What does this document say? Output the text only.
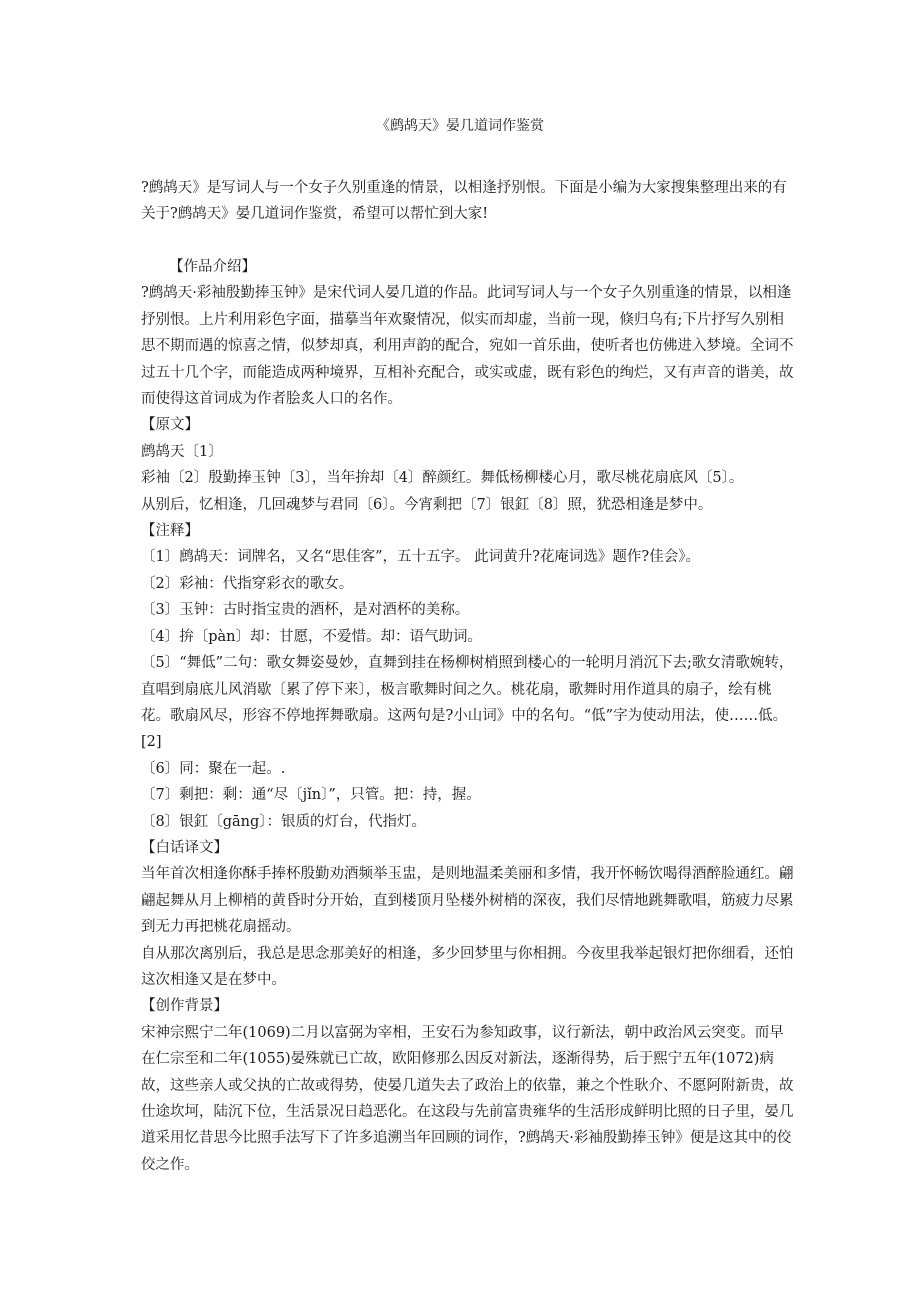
《鹧鸪天》晏几道词作鉴赏

?鹧鸪天》是写词人与一个女子久别重逢的情景，以相逢抒别恨。下面是小编为大家搜集整理出来的有关于?鹧鸪天》晏几道词作鉴赏，希望可以帮忙到大家!

【作品介绍】

?鹧鸪天·彩袖殷勤捧玉钟》是宋代词人晏几道的作品。此词写词人与一个女子久别重逢的情景，以相逢抒别恨。上片利用彩色字面，描摹当年欢聚情况，似实而却虚，当前一现，倏归乌有;下片抒写久别相思不期而遇的惊喜之情，似梦却真，利用声韵的配合，宛如一首乐曲，使听者也仿佛进入梦境。全词不过五十几个字，而能造成两种境界，互相补充配合，或实或虚，既有彩色的绚烂，又有声音的谐美，故而使得这首词成为作者脍炙人口的名作。

【原文】

鹧鸪天〔1〕

彩袖〔2〕殷勤捧玉钟〔3〕，当年拚却〔4〕醉颜红。舞低杨柳楼心月，歌尽桃花扇底风〔5〕。

从别后，忆相逢，几回魂梦与君同〔6〕。今宵剩把〔7〕银釭〔8〕照，犹恐相逢是梦中。

【注释】

〔1〕鹧鸪天：词牌名，又名“思佳客”，五十五字。 此词黄升?花庵词选》题作?佳会》。

〔2〕彩袖：代指穿彩衣的歌女。

〔3〕玉钟：古时指宝贵的酒杯，是对酒杯的美称。

〔4〕拚〔pàn〕却：甘愿，不爱惜。却：语气助词。

〔5〕“舞低”二句：歌女舞姿曼妙，直舞到挂在杨柳树梢照到楼心的一轮明月消沉下去;歌女清歌婉转，直唱到扇底儿风消歇〔累了停下来〕，极言歌舞时间之久。桃花扇，歌舞时用作道具的扇子，绘有桃花。歌扇风尽，形容不停地挥舞歌扇。这两句是?小山词》中的名句。“低”字为使动用法，使……低。[2]

〔6〕同：聚在一起。.

〔7〕剩把：剩：通“尽〔jǐn〕”，只管。把：持，握。

〔8〕银釭〔gāng〕：银质的灯台，代指灯。

【白话译文】

当年首次相逢你酥手捧杯殷勤劝酒频举玉盅，是则地温柔美丽和多情，我开怀畅饮喝得酒醉脸通红。翩翩起舞从月上柳梢的黄昏时分开始，直到楼顶月坠楼外树梢的深夜，我们尽情地跳舞歌唱，筋疲力尽累到无力再把桃花扇摇动。

自从那次离别后，我总是思念那美好的相逢，多少回梦里与你相拥。今夜里我举起银灯把你细看，还怕这次相逢又是在梦中。

【创作背景】

宋神宗熙宁二年(1069)二月以富弼为宰相，王安石为参知政事，议行新法，朝中政治风云突变。而早在仁宗至和二年(1055)晏殊就已亡故，欧阳修那么因反对新法，逐渐得势，后于熙宁五年(1072)病故，这些亲人或父执的亡故或得势，使晏几道失去了政治上的依靠，兼之个性耿介、不愿阿附新贵，故仕途坎坷，陆沉下位，生活景况日趋恶化。在这段与先前富贵雍华的生活形成鲜明比照的日子里，晏几道采用忆昔思今比照手法写下了许多追溯当年回顾的词作，?鹧鸪天·彩袖殷勤捧玉钟》便是这其中的佼佼之作。
